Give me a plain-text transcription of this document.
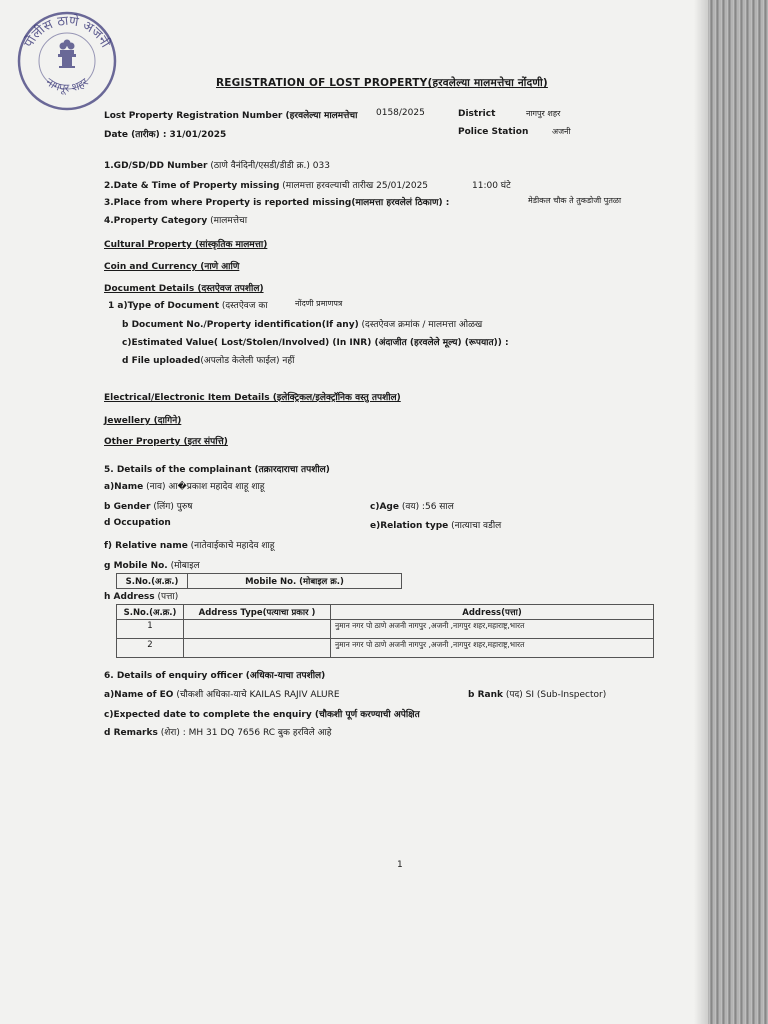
पोलीस ठाणे अजनी
नागपूर शहर	REGISTRATION OF LOST PROPERTY(हरवलेल्या मालमत्तेचा नोंदणी)
Lost Property Registration Number (हरवलेल्या मालमत्तेचा 0158/2025	District	नागपुर शहर
Date (तारीक) : 31/01/2025	Police Station	अजनी
1.GD/SD/DD Number (ठाणे वैनंदिनी/एसडी/डीडी क्र.) 033
2.Date & Time of Property missing (मालमत्ता हरवल्याची तारीख 25/01/2025	11:00 घंटे
3.Place from where Property is reported missing(मालमत्ता हरवलेलं ठिकाण) :	मेडीकल चौक ते तुकडोजी पुतळा
4.Property Category (मालमत्तेचा
Cultural Property (सांस्कृतिक मालमत्ता)
Coin and Currency (नाणे आणि
Document Details (दस्तऐवज तपशील)
1 a)Type of Document (दस्तऐवज का	नोंदणी प्रमाणपत्र
b Document No./Property identification(If any) (दस्तऐवज क्रमांक / मालमत्ता ओळख
c)Estimated Value( Lost/Stolen/Involved) (In INR) (अंदाजीत (हरवलेले मूल्य) (रूपयात)) :
d File uploaded(अपलोड केलेली फाईल) नहीं
Electrical/Electronic Item Details (इलेक्ट्रिकल/इलेक्ट्रॉनिक वस्तु तपशील)
Jewellery (दागिने)
Other Property (इतर संपत्ति)
5. Details of the complainant (तक्रारदाराचा तपशील)
a)Name (नाव) आ�प्रकाश महादेव शाहू शाहू
b Gender (लिंग) पुरुष	c)Age (वय) :56 साल
d Occupation	e)Relation type (नात्याचा वडील
f) Relative name (नातेवाईकाचे महादेव शाहू
g Mobile No. (मोबाइल
S.No.(अ.क्र.)	Mobile No. (मोबाइल क्र.)
h Address (पत्ता)
S.No.(अ.क्र.)	Address Type(पत्याचा प्रकार )	Address(पत्ता)
1		नुमान नगर पो ठाणे अजनी नागपुर ,अजनी ,नागपुर शहर,महाराष्ट्र,भारत
2		नुमान नगर पो ठाणे अजनी नागपुर ,अजनी ,नागपुर शहर,महाराष्ट्र,भारत
6. Details of enquiry officer (अधिका-याचा तपशील)
a)Name of EO (चौकशी अधिका-याचे KAILAS RAJIV ALURE	b Rank (पद) SI (Sub-Inspector)
c)Expected date to complete the enquiry (चौकशी पूर्ण करण्याची अपेक्षित
d Remarks (शेरा) : MH 31 DQ 7656 RC बुक हरविले आहे
1
